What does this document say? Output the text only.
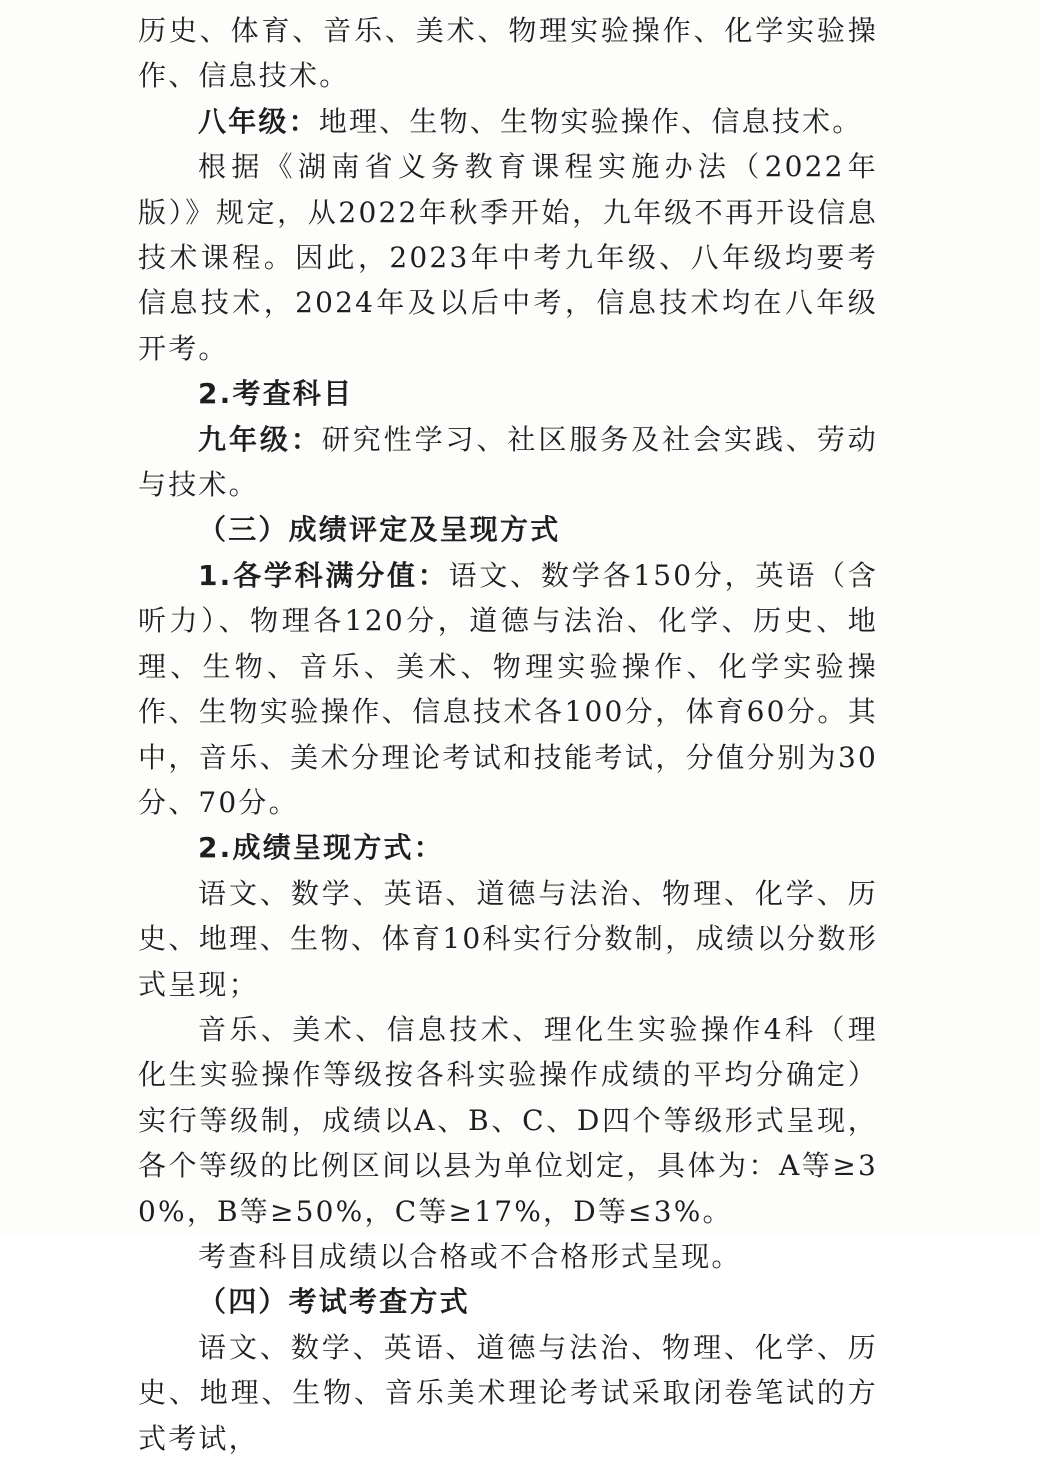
历史、体育、音乐、美术、物理实验操作、化学实验操作、信息技术。

八年级：地理、生物、生物实验操作、信息技术。

根据《湖南省义务教育课程实施办法（2022年版）》规定，从2022年秋季开始，九年级不再开设信息技术课程。因此，2023年中考九年级、八年级均要考信息技术，2024年及以后中考，信息技术均在八年级开考。

2.考查科目

九年级：研究性学习、社区服务及社会实践、劳动与技术。

（三）成绩评定及呈现方式

1.各学科满分值：语文、数学各150分，英语（含听力）、物理各120分，道德与法治、化学、历史、地理、生物、音乐、美术、物理实验操作、化学实验操作、生物实验操作、信息技术各100分，体育60分。其中，音乐、美术分理论考试和技能考试，分值分别为30分、70分。

2.成绩呈现方式：

语文、数学、英语、道德与法治、物理、化学、历史、地理、生物、体育10科实行分数制，成绩以分数形式呈现；

音乐、美术、信息技术、理化生实验操作4科（理化生实验操作等级按各科实验操作成绩的平均分确定）实行等级制，成绩以A、B、C、D四个等级形式呈现，各个等级的比例区间以县为单位划定，具体为：A等≥30%，B等≥50%，C等≥17%，D等≤3%。

考查科目成绩以合格或不合格形式呈现。

（四）考试考查方式

语文、数学、英语、道德与法治、物理、化学、历史、地理、生物、音乐美术理论考试采取闭卷笔试的方式考试，
